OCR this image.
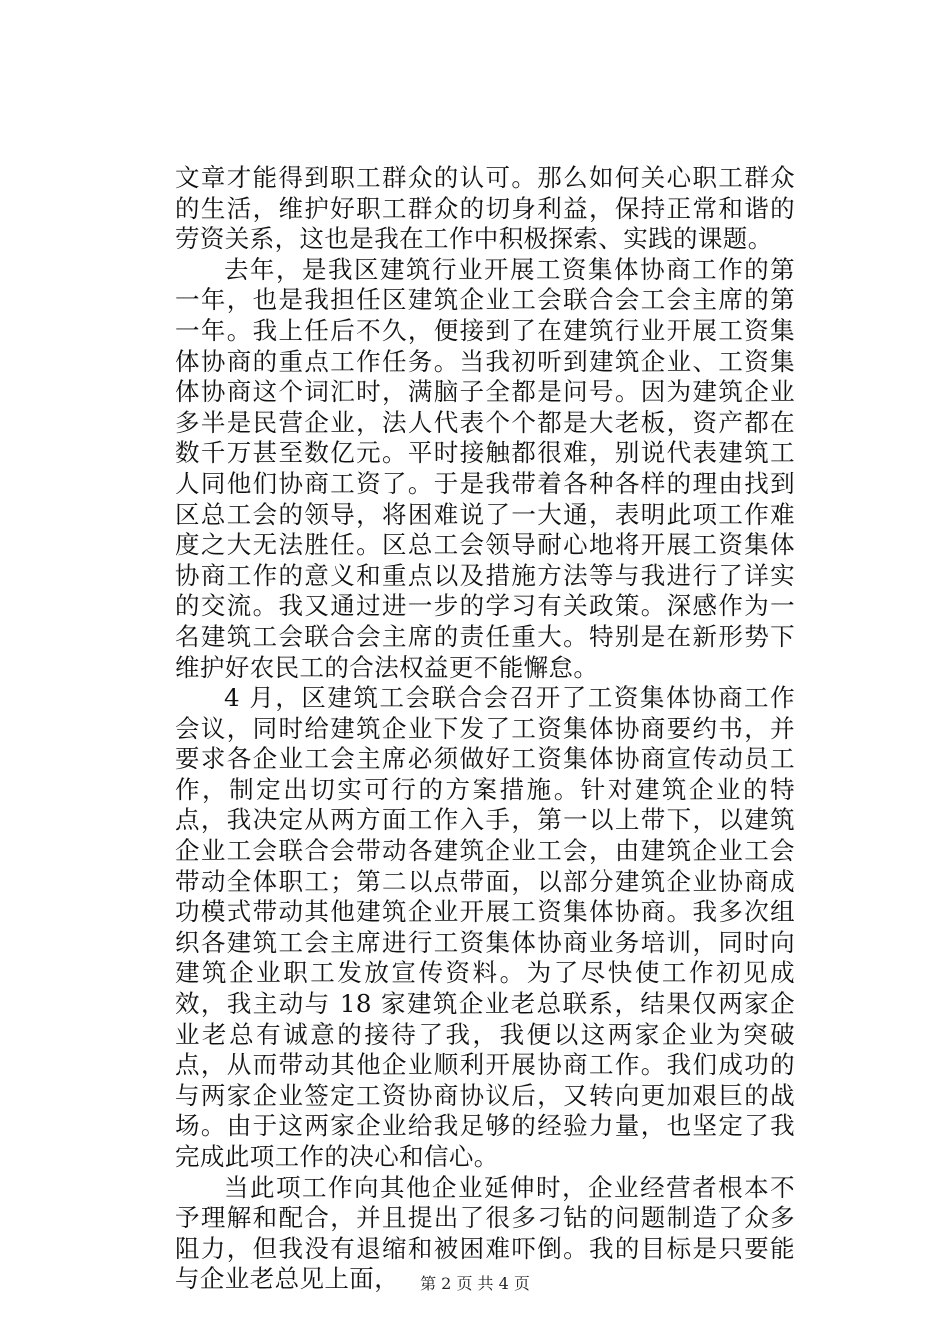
文章才能得到职工群众的认可。那么如何关心职工群众的生活，维护好职工群众的切身利益，保持正常和谐的劳资关系，这也是我在工作中积极探索、实践的课题。

去年，是我区建筑行业开展工资集体协商工作的第一年，也是我担任区建筑企业工会联合会工会主席的第一年。我上任后不久，便接到了在建筑行业开展工资集体协商的重点工作任务。当我初听到建筑企业、工资集体协商这个词汇时，满脑子全都是问号。因为建筑企业多半是民营企业，法人代表个个都是大老板，资产都在数千万甚至数亿元。平时接触都很难，别说代表建筑工人同他们协商工资了。于是我带着各种各样的理由找到区总工会的领导，将困难说了一大通，表明此项工作难度之大无法胜任。区总工会领导耐心地将开展工资集体协商工作的意义和重点以及措施方法等与我进行了详实的交流。我又通过进一步的学习有关政策。深感作为一名建筑工会联合会主席的责任重大。特别是在新形势下维护好农民工的合法权益更不能懈怠。

4 月，区建筑工会联合会召开了工资集体协商工作会议，同时给建筑企业下发了工资集体协商要约书，并要求各企业工会主席必须做好工资集体协商宣传动员工作，制定出切实可行的方案措施。针对建筑企业的特点，我决定从两方面工作入手，第一以上带下，以建筑企业工会联合会带动各建筑企业工会，由建筑企业工会带动全体职工；第二以点带面，以部分建筑企业协商成功模式带动其他建筑企业开展工资集体协商。我多次组织各建筑工会主席进行工资集体协商业务培训，同时向建筑企业职工发放宣传资料。为了尽快使工作初见成效，我主动与 18 家建筑企业老总联系，结果仅两家企业老总有诚意的接待了我，我便以这两家企业为突破点，从而带动其他企业顺利开展协商工作。我们成功的与两家企业签定工资协商协议后，又转向更加艰巨的战场。由于这两家企业给我足够的经验力量，也坚定了我完成此项工作的决心和信心。

当此项工作向其他企业延伸时，企业经营者根本不予理解和配合，并且提出了很多刁钻的问题制造了众多阻力，但我没有退缩和被困难吓倒。我的目标是只要能与企业老总见上面，	第 2 页 共 4 页
